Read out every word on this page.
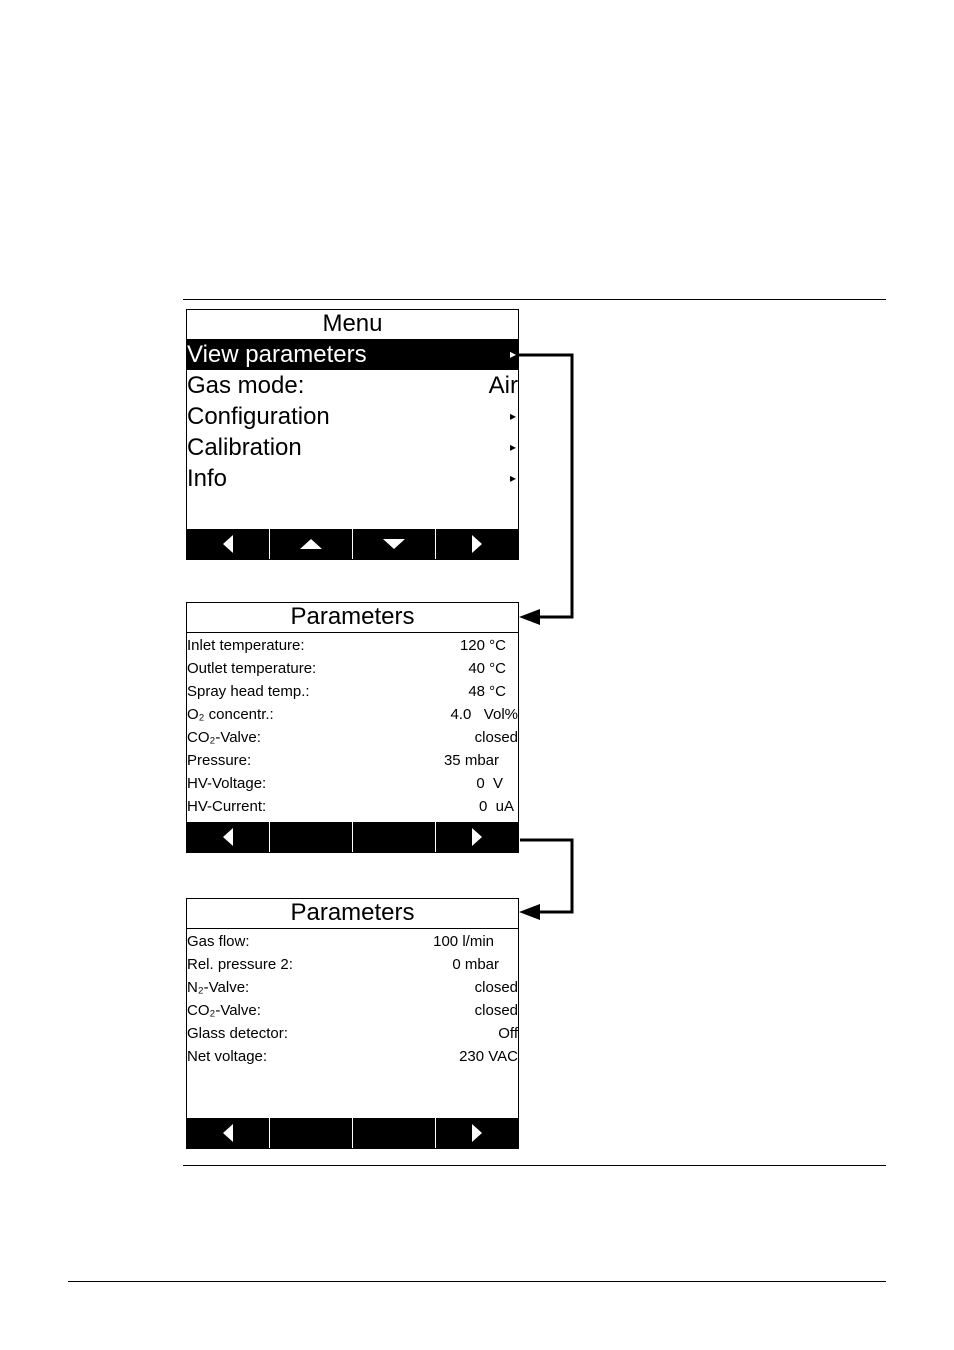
Menu
View parameters	▸
Gas mode:	Air
Configuration	▸
Calibration	▸
Info	▸
Parameters
Inlet temperature:	120 °C
Outlet temperature:	40 °C
Spray head temp.:	48 °C
O₂ concentr.:	4.0   Vol%
CO₂-Valve:	closed
Pressure:	35 mbar
HV-Voltage:	0  V
HV-Current:	0  uA
Parameters
Gas flow:	100 l/min
Rel. pressure 2:	0 mbar
N₂-Valve:	closed
CO₂-Valve:	closed
Glass detector:	Off
Net voltage:	230 VAC
